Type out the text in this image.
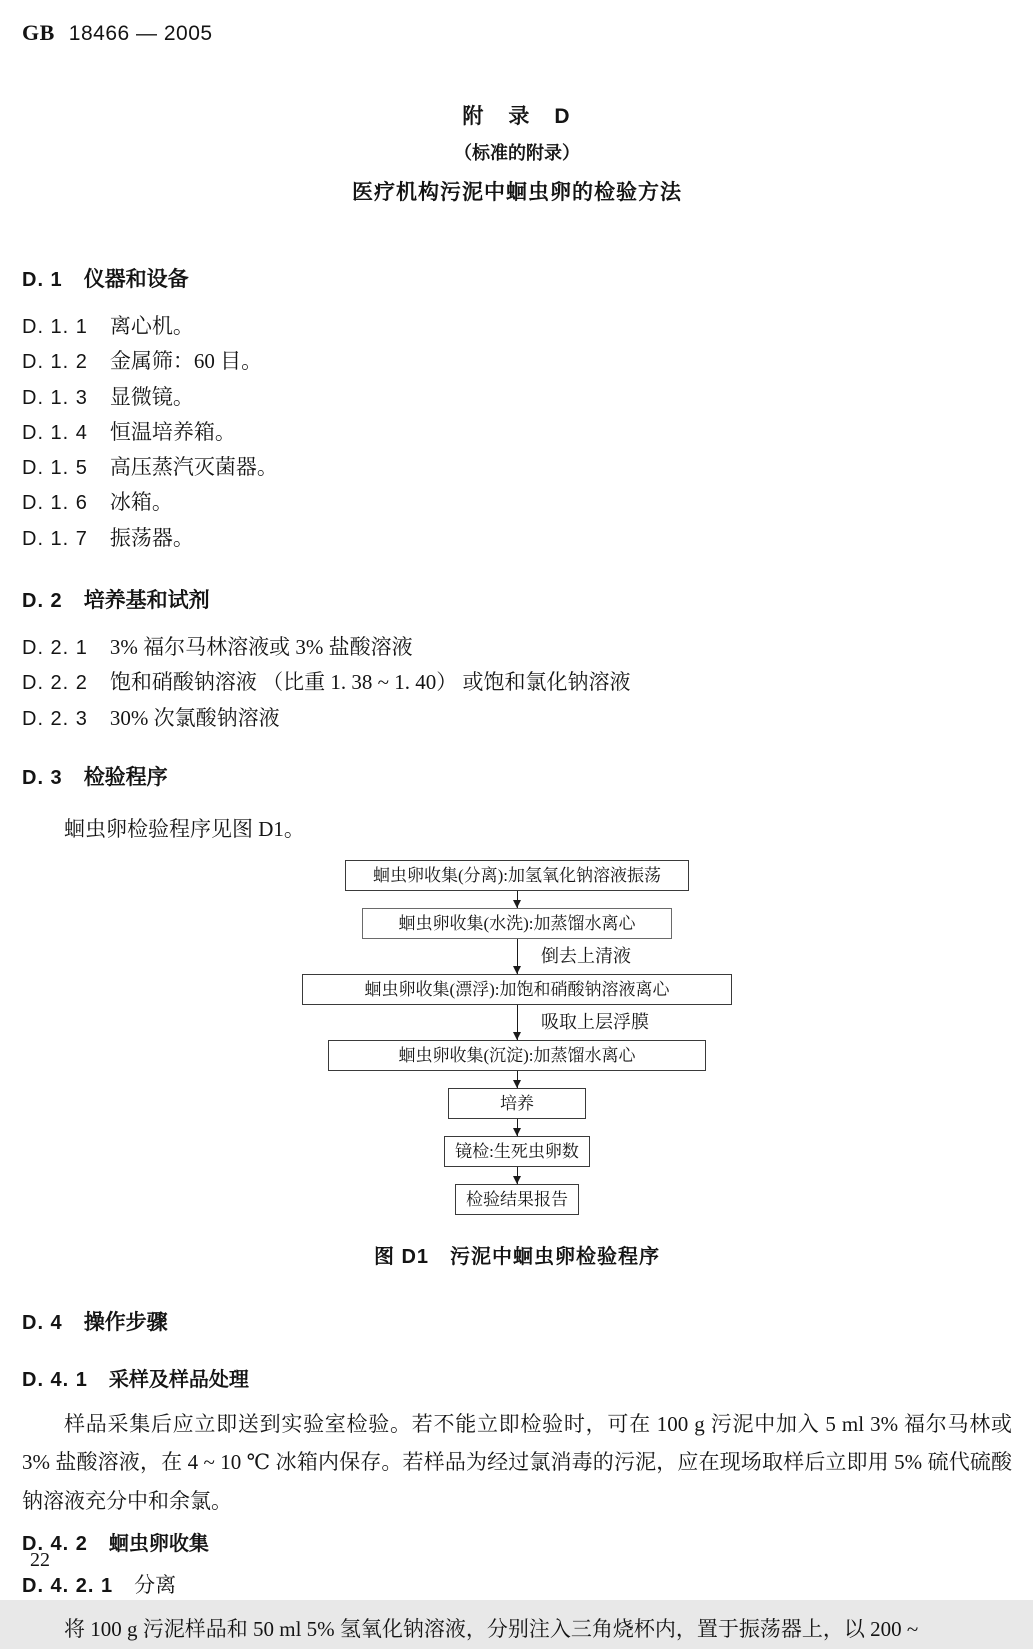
GB 18466 — 2005
附　录　D
（标准的附录）
医疗机构污泥中蛔虫卵的检验方法
D. 1 仪器和设备
D. 1. 1 离心机。
D. 1. 2 金属筛：60 目。
D. 1. 3 显微镜。
D. 1. 4 恒温培养箱。
D. 1. 5 高压蒸汽灭菌器。
D. 1. 6 冰箱。
D. 1. 7 振荡器。
D. 2 培养基和试剂
D. 2. 1 3% 福尔马林溶液或 3% 盐酸溶液
D. 2. 2 饱和硝酸钠溶液 （比重 1. 38 ~ 1. 40） 或饱和氯化钠溶液
D. 2. 3 30% 次氯酸钠溶液
D. 3 检验程序
蛔虫卵检验程序见图 D1。
蛔虫卵收集(分离):加氢氧化钠溶液振荡
蛔虫卵收集(水洗):加蒸馏水离心
倒去上清液
蛔虫卵收集(漂浮):加饱和硝酸钠溶液离心
吸取上层浮膜
蛔虫卵收集(沉淀):加蒸馏水离心
培养
镜检:生死虫卵数
检验结果报告
图 D1　污泥中蛔虫卵检验程序
D. 4 操作步骤
D. 4. 1 采样及样品处理
样品采集后应立即送到实验室检验。若不能立即检验时，可在 100 g 污泥中加入 5 ml 3% 福尔马林或 3% 盐酸溶液，在 4 ~ 10 ℃ 冰箱内保存。若样品为经过氯消毒的污泥，应在现场取样后立即用 5% 硫代硫酸钠溶液充分中和余氯。
D. 4. 2 蛔虫卵收集
D. 4. 2. 1 分离
将 100 g 污泥样品和 50 ml 5% 氢氧化钠溶液，分别注入三角烧杯内，置于振荡器上，以 200 ~
22
